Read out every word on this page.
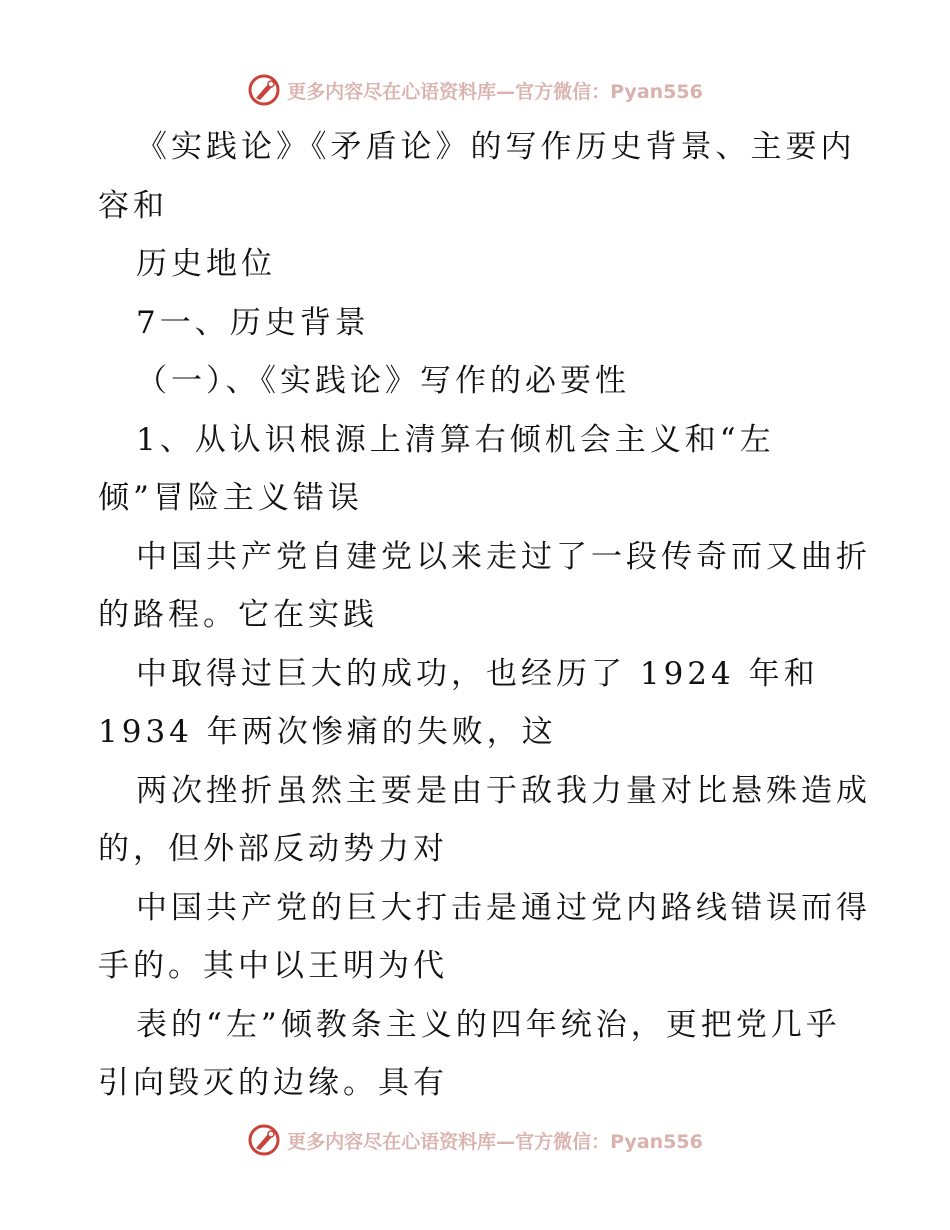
更多内容尽在心语资料库—官方微信：Pyan556

《实践论》《矛盾论》的写作历史背景、主要内

容和

历史地位

7一、历史背景

（一）、《实践论》写作的必要性

1、从认识根源上清算右倾机会主义和“左

倾”冒险主义错误

中国共产党自建党以来走过了一段传奇而又曲折

的路程。它在实践

中取得过巨大的成功，也经历了 1924 年和

1934 年两次惨痛的失败，这

两次挫折虽然主要是由于敌我力量对比悬殊造成

的，但外部反动势力对

中国共产党的巨大打击是通过党内路线错误而得

手的。其中以王明为代

表的“左”倾教条主义的四年统治，更把党几乎

引向毁灭的边缘。具有

更多内容尽在心语资料库—官方微信：Pyan556
